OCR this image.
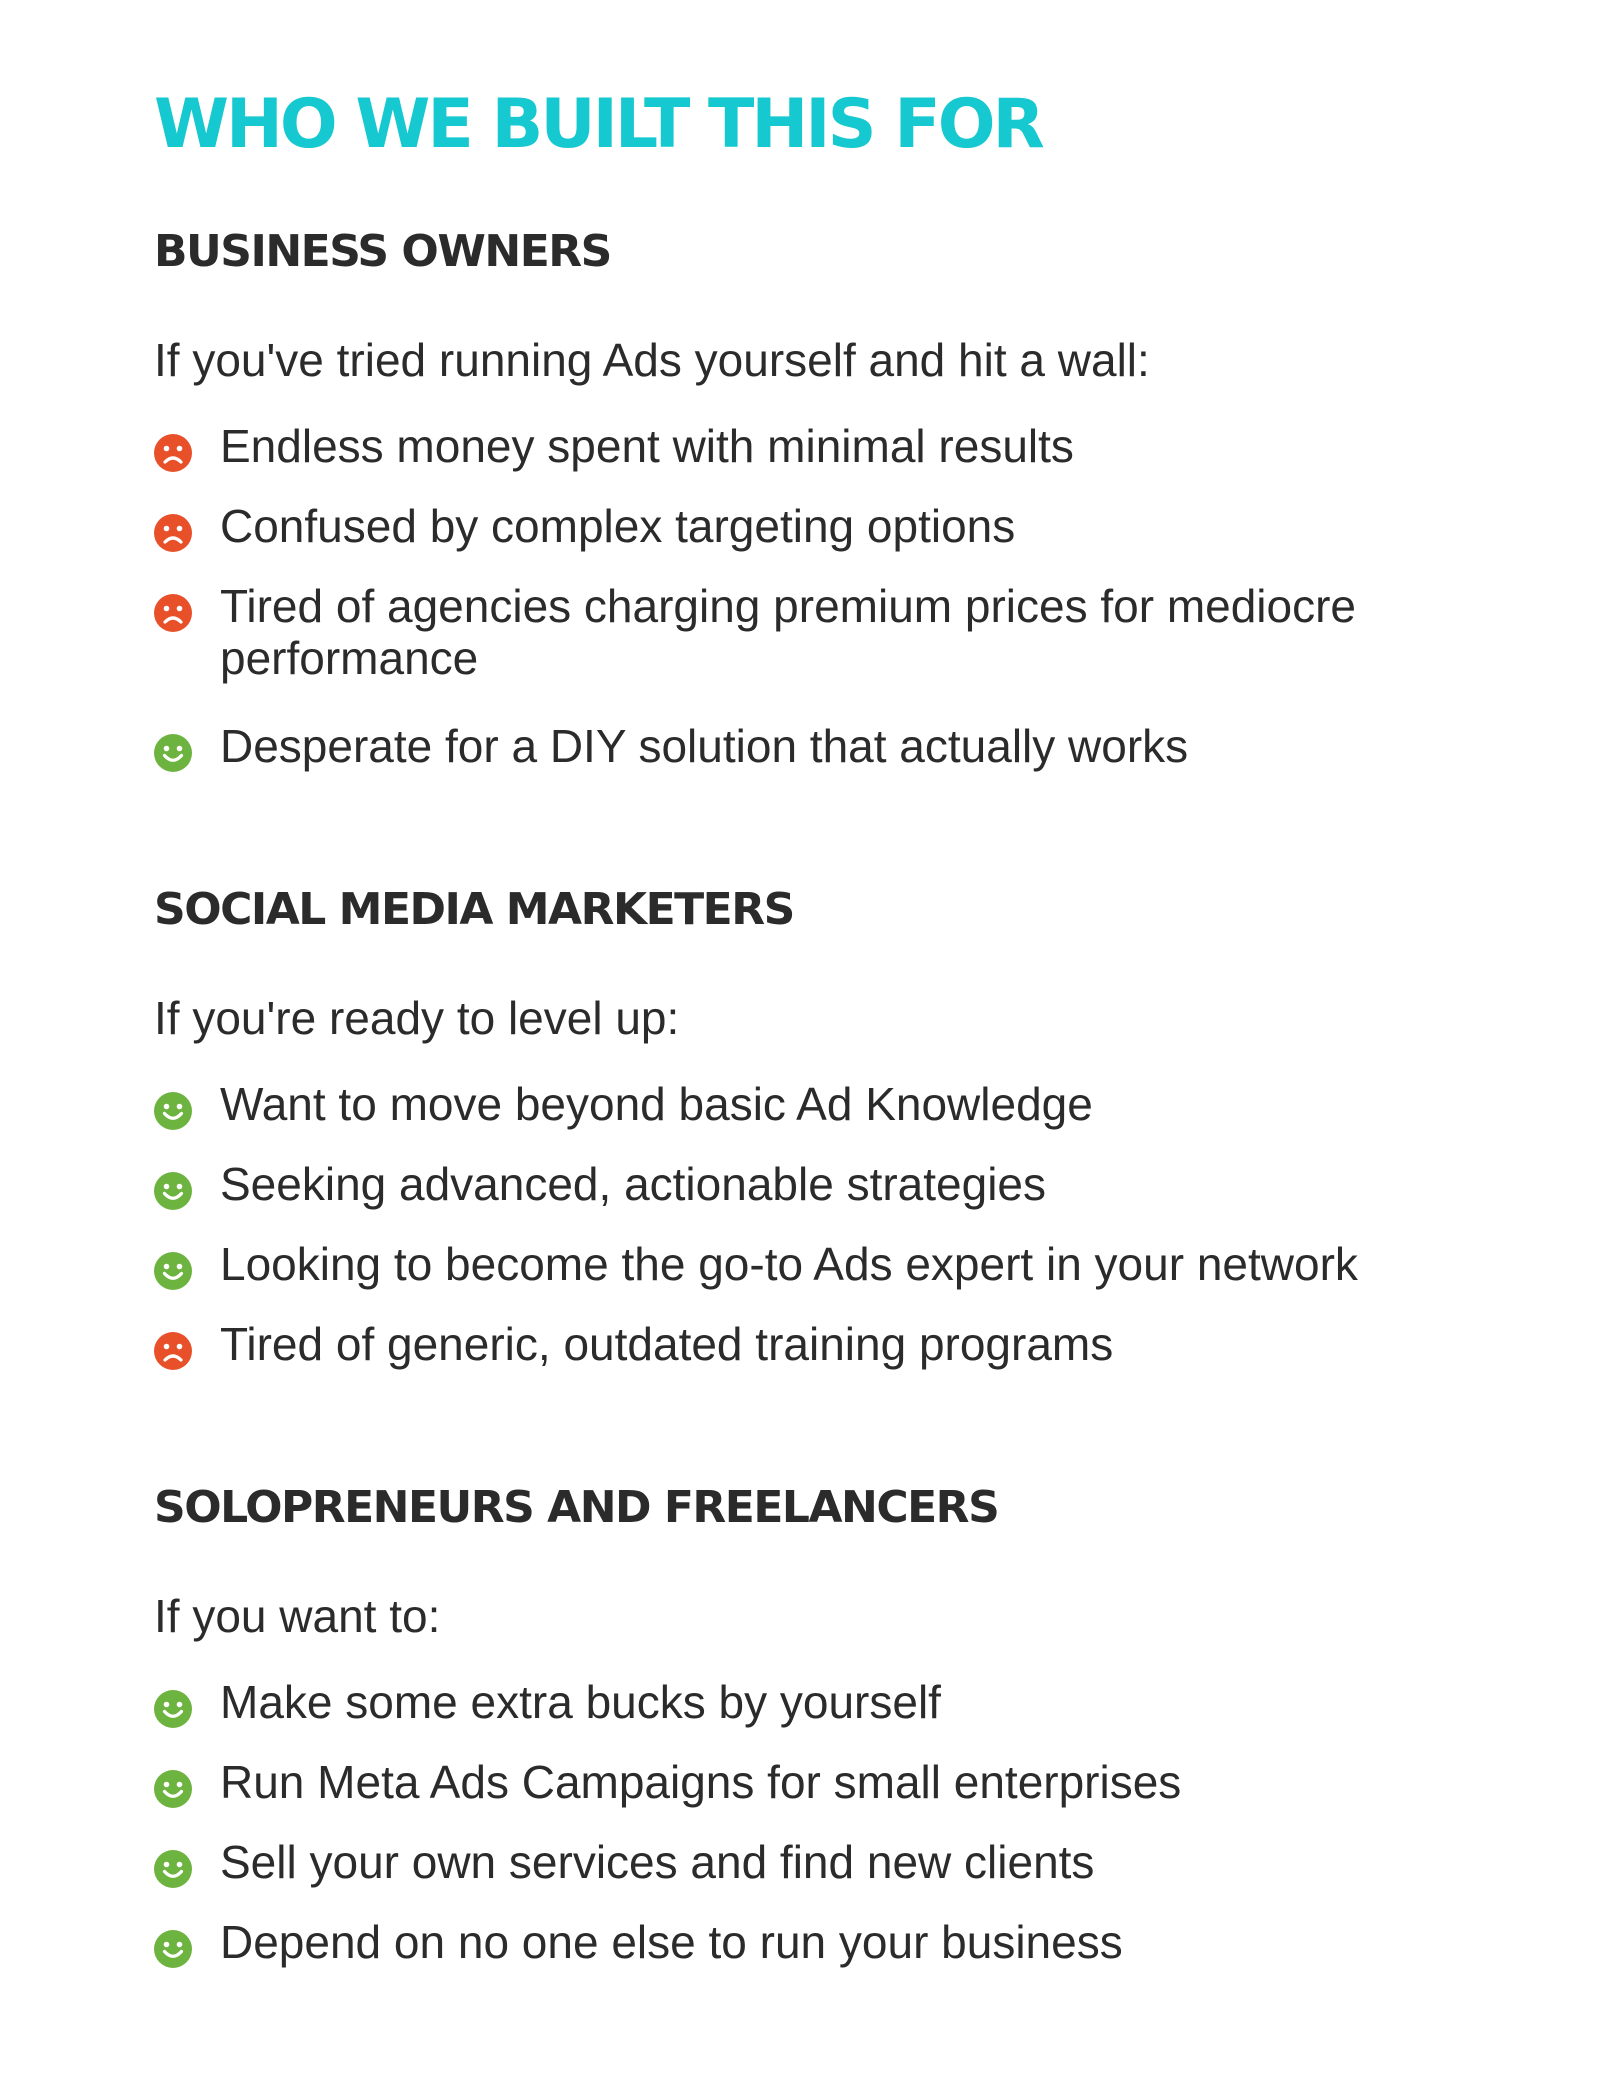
WHO WE BUILT THIS FOR
BUSINESS OWNERS

If you've tried running Ads yourself and hit a wall:

Endless money spent with minimal results
Confused by complex targeting options
Tired of agencies charging premium prices for mediocre performance
Desperate for a DIY solution that actually works
SOCIAL MEDIA MARKETERS

If you're ready to level up:

Want to move beyond basic Ad Knowledge
Seeking advanced, actionable strategies
Looking to become the go-to Ads expert in your network
Tired of generic, outdated training programs
SOLOPRENEURS AND FREELANCERS

If you want to:

Make some extra bucks by yourself
Run Meta Ads Campaigns for small enterprises
Sell your own services and find new clients
Depend on no one else to run your business
